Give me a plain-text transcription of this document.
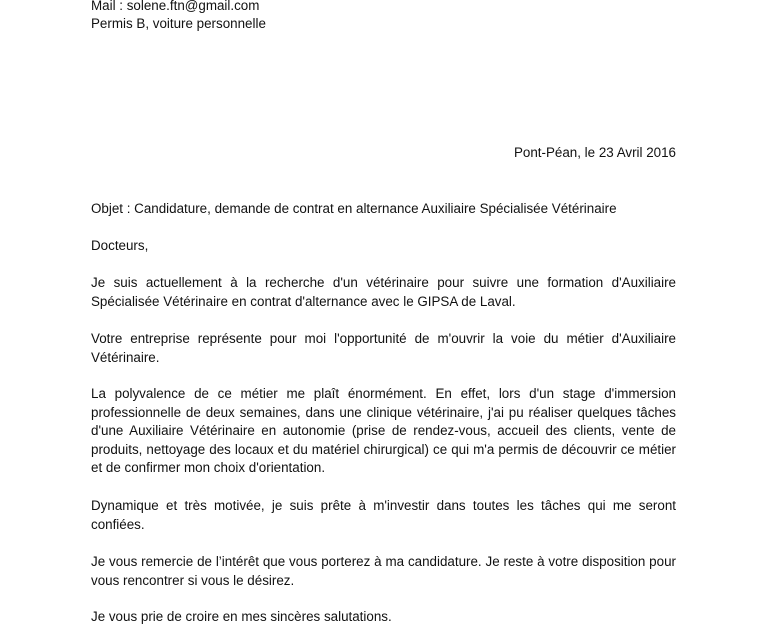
Mail : solene.ftn@gmail.com
Permis B, voiture personnelle
Pont-Péan, le 23 Avril 2016
Objet : Candidature, demande de contrat en alternance Auxiliaire Spécialisée Vétérinaire
Docteurs,
Je suis actuellement à la recherche d'un vétérinaire pour suivre une formation d'Auxiliaire Spécialisée Vétérinaire en contrat d'alternance avec le GIPSA de Laval.
Votre entreprise représente pour moi l'opportunité de m'ouvrir la voie du métier d'Auxiliaire Vétérinaire.
La polyvalence de ce métier me plaît énormément. En effet, lors d'un stage d'immersion professionnelle de deux semaines, dans une clinique vétérinaire, j'ai pu réaliser quelques tâches d'une Auxiliaire Vétérinaire en autonomie (prise de rendez-vous, accueil des clients, vente de produits, nettoyage des locaux et du matériel chirurgical) ce qui m'a permis de découvrir ce métier et de confirmer mon choix d'orientation.
Dynamique et très motivée, je suis prête à m'investir dans toutes les tâches qui me seront confiées.
Je vous remercie de l’intérêt que vous porterez à ma candidature. Je reste à votre disposition pour vous rencontrer si vous le désirez.
Je vous prie de croire en mes sincères salutations.
